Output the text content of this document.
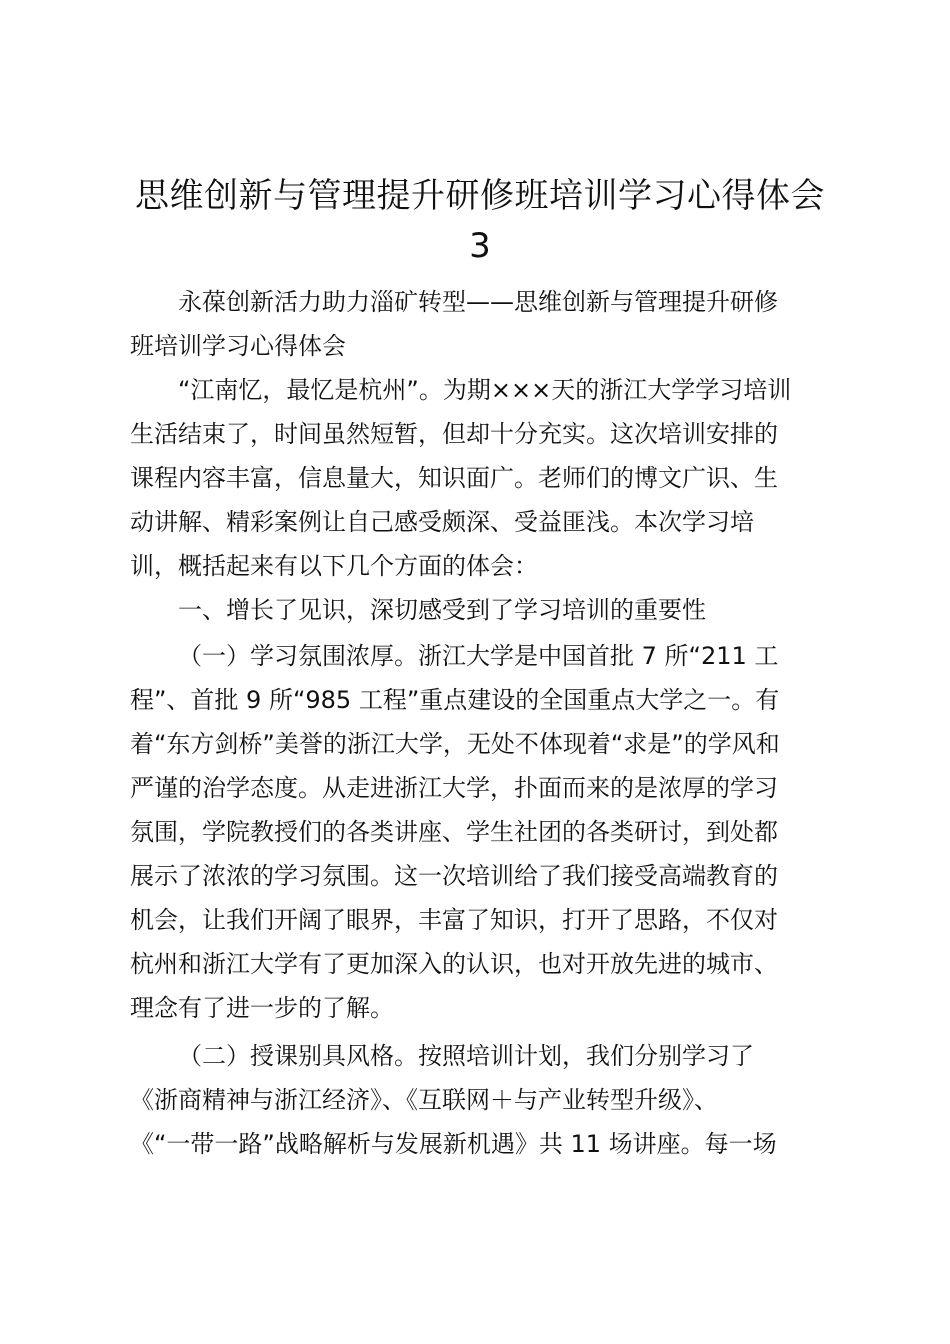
思维创新与管理提升研修班培训学习心得体会
3
永葆创新活力助力淄矿转型——思维创新与管理提升研修
班培训学习心得体会
“江南忆，最忆是杭州”。为期×××天的浙江大学学习培训
生活结束了，时间虽然短暂，但却十分充实。这次培训安排的
课程内容丰富，信息量大，知识面广。老师们的博文广识、生
动讲解、精彩案例让自己感受颇深、受益匪浅。本次学习培
训，概括起来有以下几个方面的体会：
一、增长了见识，深切感受到了学习培训的重要性
（一）学习氛围浓厚。浙江大学是中国首批 7 所“211 工
程”、首批 9 所“985 工程”重点建设的全国重点大学之一。有
着“东方剑桥”美誉的浙江大学，无处不体现着“求是”的学风和
严谨的治学态度。从走进浙江大学，扑面而来的是浓厚的学习
氛围，学院教授们的各类讲座、学生社团的各类研讨，到处都
展示了浓浓的学习氛围。这一次培训给了我们接受高端教育的
机会，让我们开阔了眼界，丰富了知识，打开了思路，不仅对
杭州和浙江大学有了更加深入的认识，也对开放先进的城市、
理念有了进一步的了解。
（二）授课别具风格。按照培训计划，我们分别学习了
《浙商精神与浙江经济》、《互联网＋与产业转型升级》、
《“一带一路”战略解析与发展新机遇》共 11 场讲座。每一场
